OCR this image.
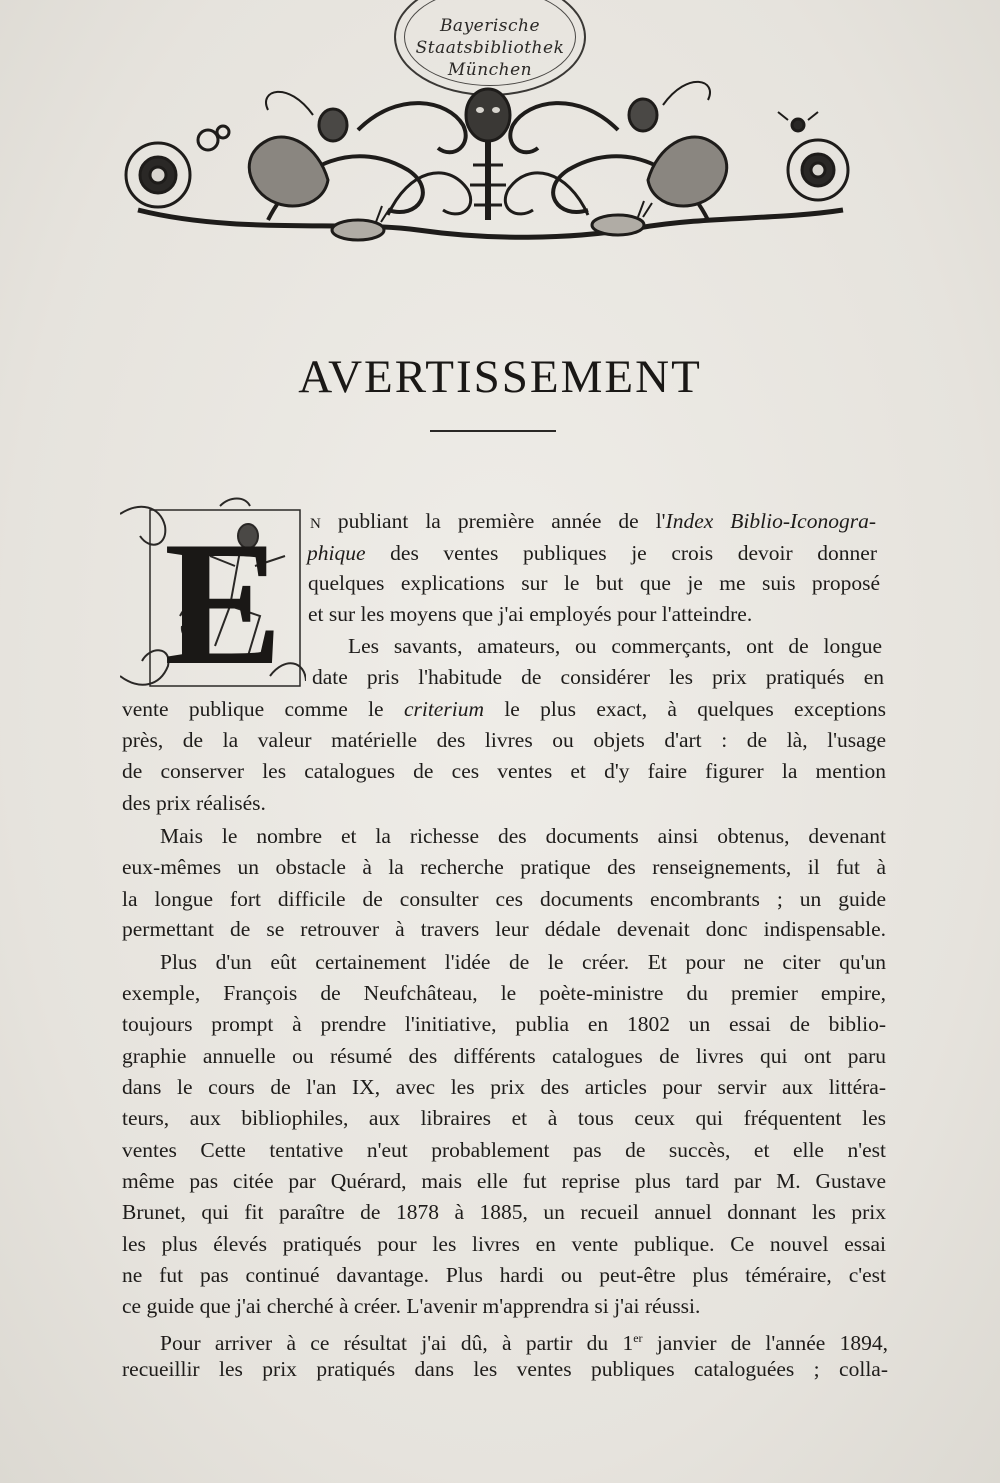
Bayerische
Staatsbibliothek
München
AVERTISSEMENT
E N publiant la première année de l'Index Biblio-Iconogra-
phique des ventes publiques je crois devoir donner
quelques explications sur le but que je me suis proposé
et sur les moyens que j'ai employés pour l'atteindre.
Les savants, amateurs, ou commerçants, ont de longue
date pris l'habitude de considérer les prix pratiqués en
vente publique comme le criterium le plus exact, à quelques exceptions
près, de la valeur matérielle des livres ou objets d'art : de là, l'usage
de conserver les catalogues de ces ventes et d'y faire figurer la mention
des prix réalisés.
Mais le nombre et la richesse des documents ainsi obtenus, devenant
eux-mêmes un obstacle à la recherche pratique des renseignements, il fut à
la longue fort difficile de consulter ces documents encombrants ; un guide
permettant de se retrouver à travers leur dédale devenait donc indispensable.
Plus d'un eût certainement l'idée de le créer. Et pour ne citer qu'un
exemple, François de Neufchâteau, le poète-ministre du premier empire,
toujours prompt à prendre l'initiative, publia en 1802 un essai de biblio-
graphie annuelle ou résumé des différents catalogues de livres qui ont paru
dans le cours de l'an IX, avec les prix des articles pour servir aux littéra-
teurs, aux bibliophiles, aux libraires et à tous ceux qui fréquentent les
ventes Cette tentative n'eut probablement pas de succès, et elle n'est
même pas citée par Quérard, mais elle fut reprise plus tard par M. Gustave
Brunet, qui fit paraître de 1878 à 1885, un recueil annuel donnant les prix
les plus élevés pratiqués pour les livres en vente publique. Ce nouvel essai
ne fut pas continué davantage. Plus hardi ou peut-être plus téméraire, c'est
ce guide que j'ai cherché à créer. L'avenir m'apprendra si j'ai réussi.
Pour arriver à ce résultat j'ai dû, à partir du 1er janvier de l'année 1894,
recueillir les prix pratiqués dans les ventes publiques cataloguées ; colla-
